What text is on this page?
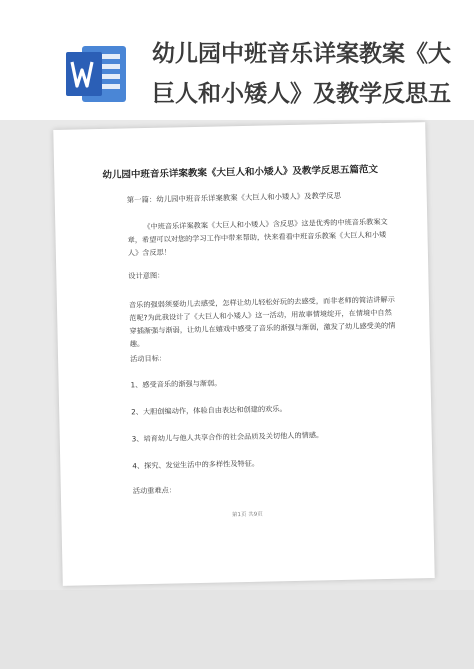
幼儿园中班音乐详案教案《大巨人和小矮人》及教学反思五
幼儿园中班音乐详案教案《大巨人和小矮人》及教学反思五篇范文
第一篇：幼儿园中班音乐详案教案《大巨人和小矮人》及教学反思
《中班音乐详案教案《大巨人和小矮人》含反思》这是优秀的中班音乐教案文章，希望可以对您的学习工作中带来帮助，快来看看中班音乐教案《大巨人和小矮人》含反思！
设计意图：
音乐的强弱须要幼儿去感受，怎样让幼儿轻松好玩的去感受，而非老师的简洁讲解示范呢?为此我设计了《大巨人和小矮人》这一活动，用故事情境绽开，在情境中自然穿插渐强与渐弱，让幼儿在嬉戏中感受了音乐的渐强与渐弱，激发了幼儿感受美的情趣。
活动目标：
1、感受音乐的渐强与渐弱。
2、大胆创编动作，体验自由表达和创建的欢乐。
3、培育幼儿与他人共享合作的社会品质及关切他人的情感。
4、探究、发觉生活中的多样性及特征。
活动重难点：
第1页 共9页
